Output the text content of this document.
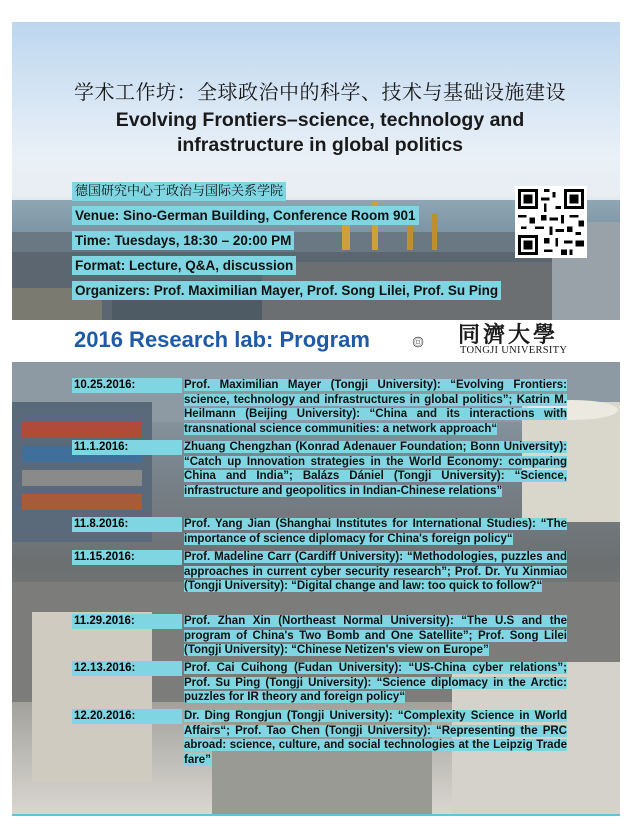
学术工作坊：全球政治中的科学、技术与基础设施建设
Evolving Frontiers–science, technology and infrastructure in global politics
德国研究中心于政治与国际关系学院
Venue: Sino-German Building, Conference Room 901
Time: Tuesdays, 18:30 – 20:00 PM
Format: Lecture, Q&A, discussion
Organizers: Prof. Maximilian Mayer, Prof. Song Lilei, Prof. Su Ping
2016 Research lab: Program	同濟大學
TONGJI UNIVERSITY
10.25.2016:	Prof. Maximilian Mayer (Tongji University): “Evolving Frontiers: science, technology and infrastructures in global politics”; Katrin M. Heilmann (Beijing University): “China and its interactions with transnational science communities: a network approach“
11.1.2016:	Zhuang Chengzhan (Konrad Adenauer Foundation; Bonn University): “Catch up Innovation strategies in the World Economy: comparing China and India”; Balázs Dániel (Tongji University): “Science, infrastructure and geopolitics in Indian-Chinese relations”
11.8.2016:	Prof. Yang Jian (Shanghai Institutes for International Studies): “The importance of science diplomacy for China's foreign policy“
11.15.2016:	Prof. Madeline Carr (Cardiff University): “Methodologies, puzzles and approaches in current cyber security research”; Prof. Dr. Yu Xinmiao (Tongji University): “Digital change and law: too quick to follow?“
11.29.2016:	Prof. Zhan Xin (Northeast Normal University): “The U.S and the program of China's Two Bomb and One Satellite”; Prof. Song Lilei (Tongji University): “Chinese Netizen's view on Europe”
12.13.2016:	Prof. Cai Cuihong (Fudan University): “US-China cyber relations”; Prof. Su Ping (Tongji University): “Science diplomacy in the Arctic: puzzles for IR theory and foreign policy“
12.20.2016:	Dr. Ding Rongjun (Tongji University): “Complexity Science in World Affairs“; Prof. Tao Chen (Tongji University): “Representing the PRC abroad: science, culture, and social technologies at the Leipzig Trade fare”
